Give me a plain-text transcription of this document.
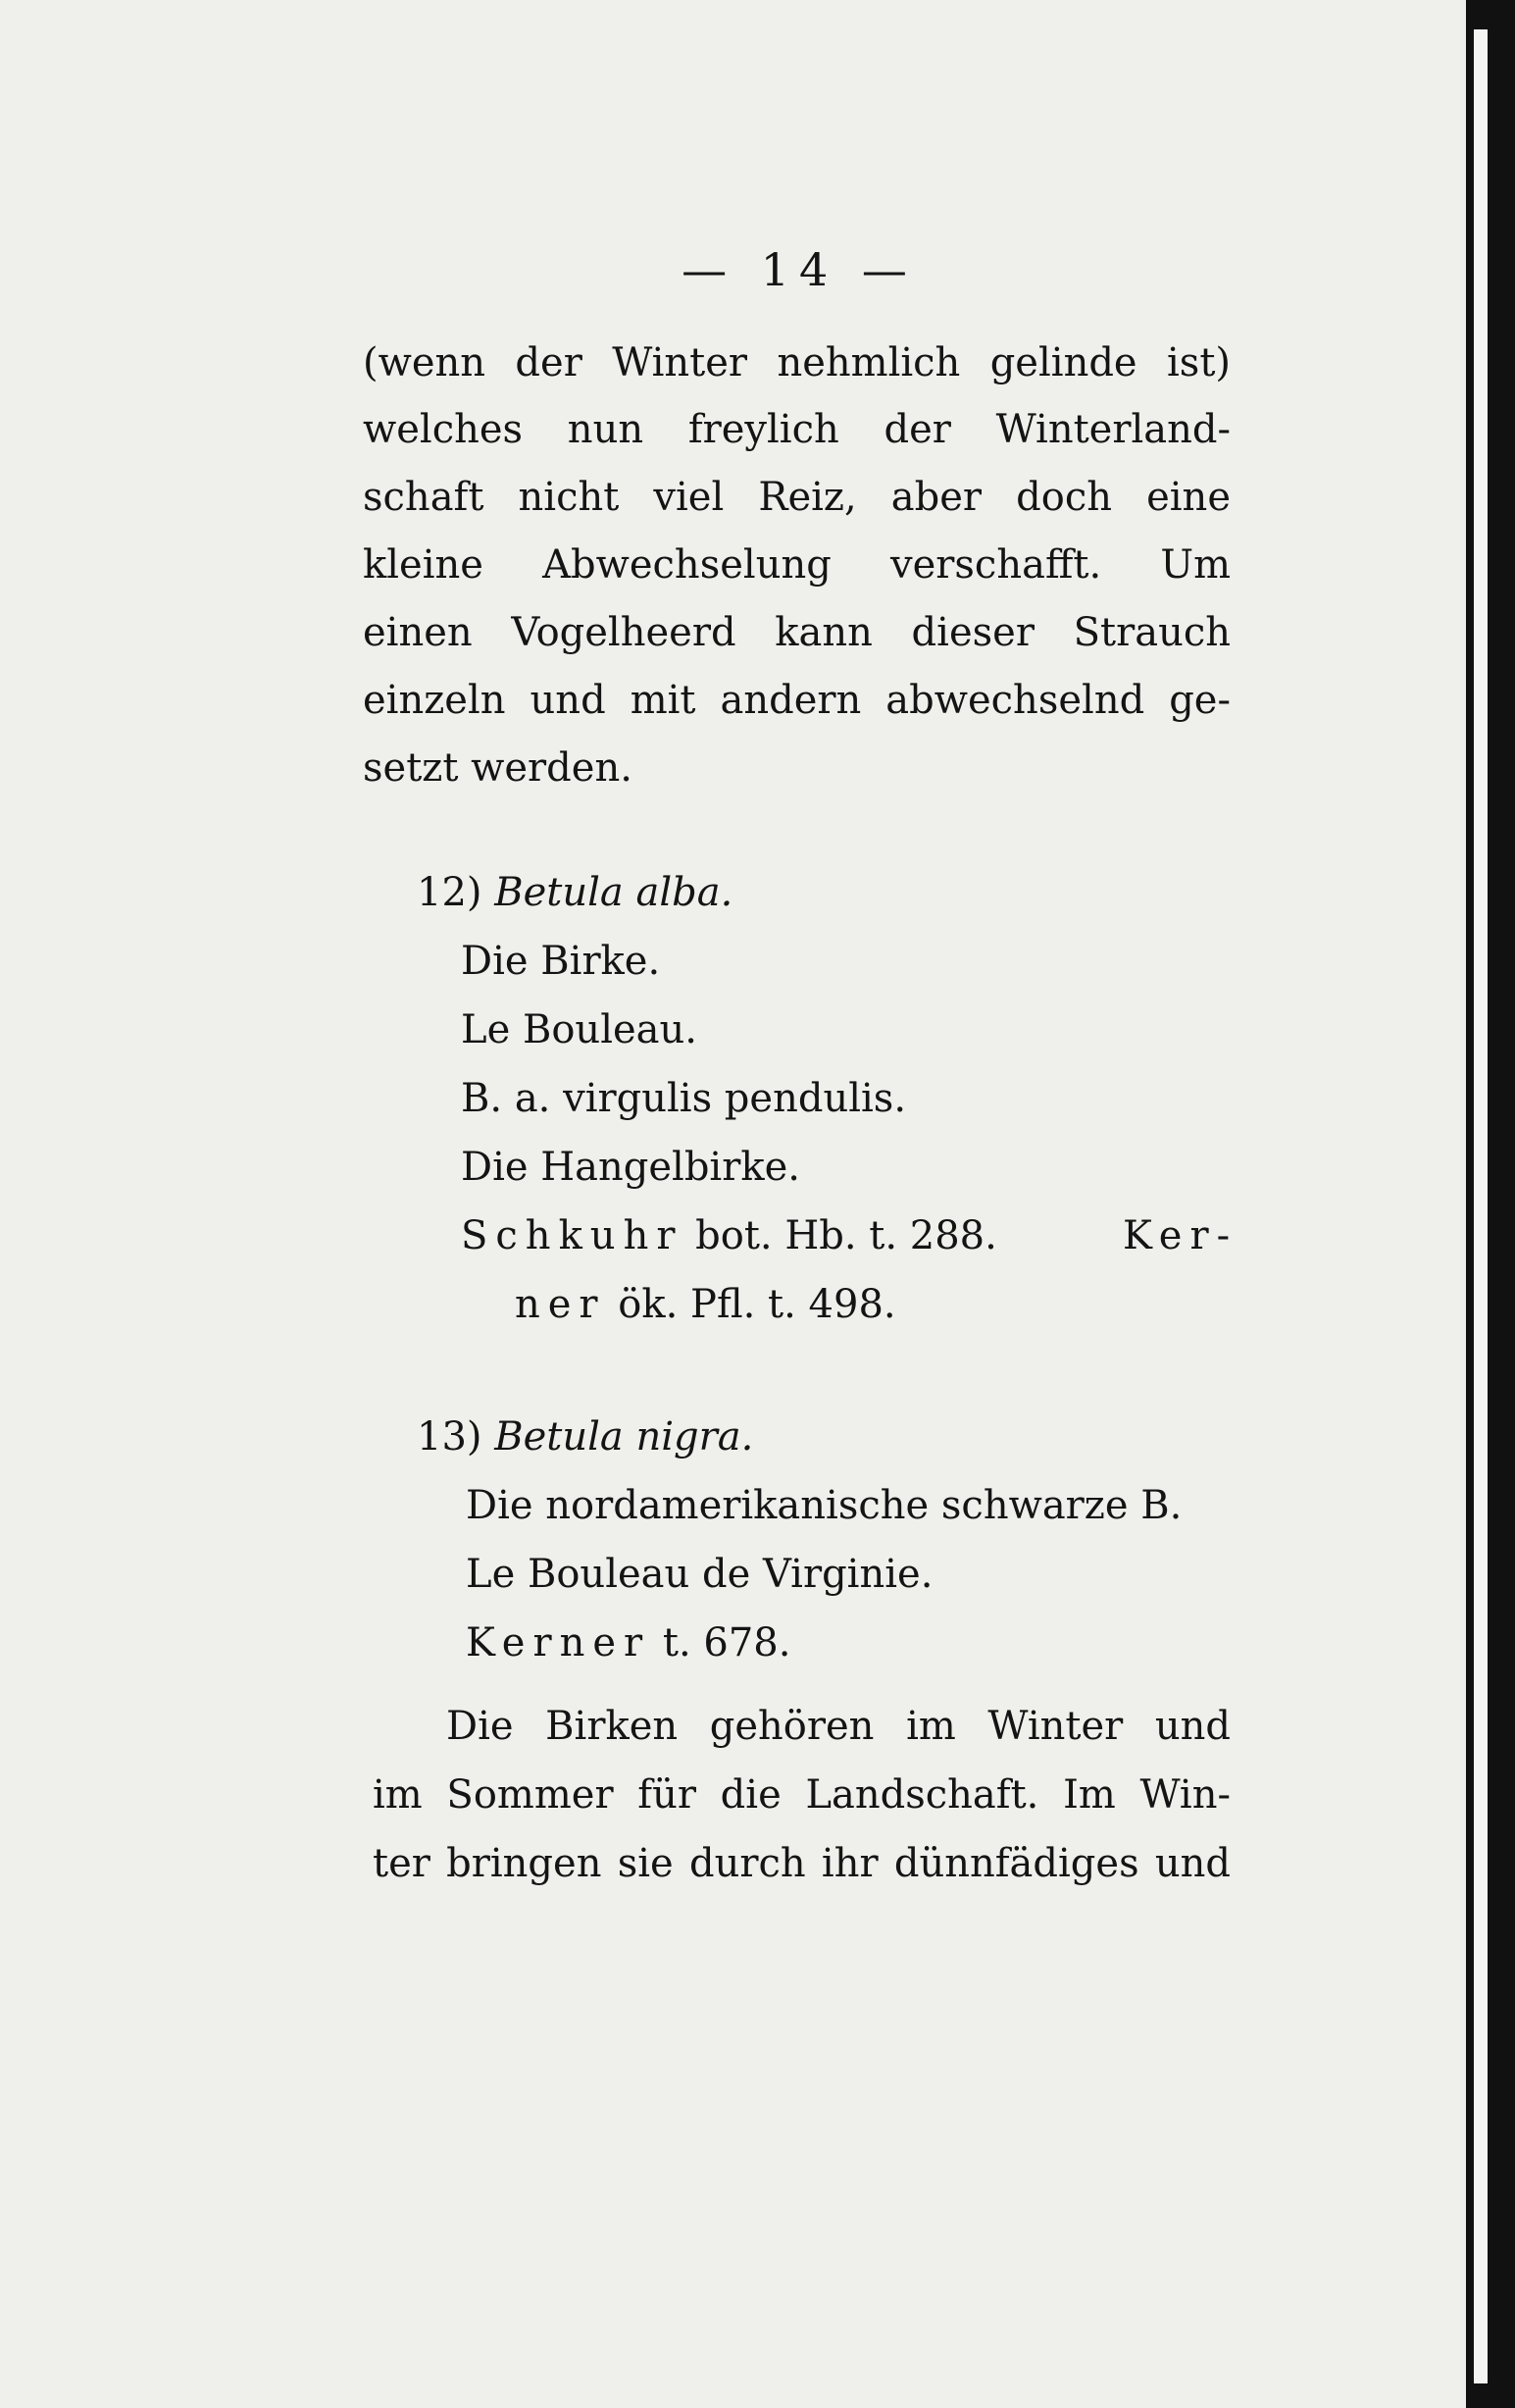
— 14 —
(wenn der Winter nehmlich gelinde ist)
welches nun freylich der Winterland-
schaft nicht viel Reiz, aber doch eine
kleine Abwechselung verschafft. Um
einen Vogelheerd kann dieser Strauch
einzeln und mit andern abwechselnd ge-
setzt werden.
12) Betula alba.
Die Birke.
Le Bouleau.
B. a. virgulis pendulis.
Die Hangelbirke.
Schkuhr bot. Hb. t. 288.	Ker-
ner ök. Pfl. t. 498.
13) Betula nigra.
Die nordamerikanische schwarze B.
Le Bouleau de Virginie.
Kerner t. 678.
Die Birken gehören im Winter und
im Sommer für die Landschaft. Im Win-
ter bringen sie durch ihr dünnfädiges und
